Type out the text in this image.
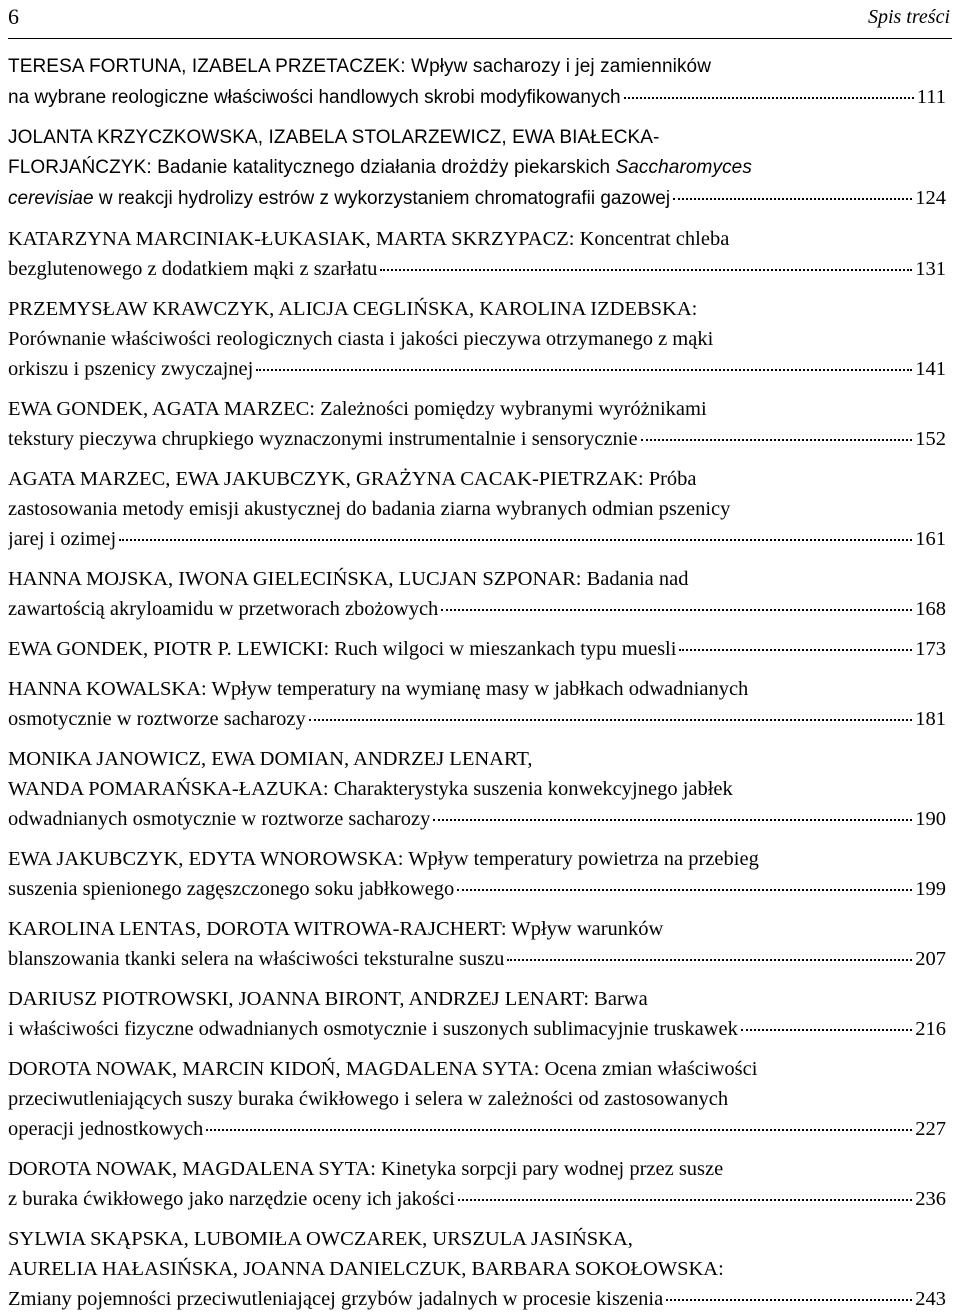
6	Spis treści
TERESA FORTUNA, IZABELA PRZETACZEK: Wpływ sacharozy i jej zamienników
na wybrane reologiczne właściwości handlowych skrobi modyfikowanych	111
JOLANTA KRZYCZKOWSKA, IZABELA STOLARZEWICZ, EWA BIAŁECKA-
FLORJAŃCZYK: Badanie katalitycznego działania drożdży piekarskich Saccharomyces
cerevisiae w reakcji hydrolizy estrów z wykorzystaniem chromatografii gazowej	124
KATARZYNA MARCINIAK-ŁUKASIAK, MARTA SKRZYPACZ: Koncentrat chleba
bezglutenowego z dodatkiem mąki z szarłatu	131
PRZEMYSŁAW KRAWCZYK, ALICJA CEGLIŃSKA, KAROLINA IZDEBSKA:
Porównanie właściwości reologicznych ciasta i jakości pieczywa otrzymanego z mąki
orkiszu i pszenicy zwyczajnej	141
EWA GONDEK, AGATA MARZEC: Zależności pomiędzy wybranymi wyróżnikami
tekstury pieczywa chrupkiego wyznaczonymi instrumentalnie i sensorycznie	152
AGATA MARZEC, EWA JAKUBCZYK, GRAŻYNA CACAK-PIETRZAK: Próba
zastosowania metody emisji akustycznej do badania ziarna wybranych odmian pszenicy
jarej i ozimej	161
HANNA MOJSKA, IWONA GIELECIŃSKA, LUCJAN SZPONAR: Badania nad
zawartością akryloamidu w przetworach zbożowych	168
EWA GONDEK, PIOTR P. LEWICKI: Ruch wilgoci w mieszankach typu muesli	173
HANNA KOWALSKA: Wpływ temperatury na wymianę masy w jabłkach odwadnianych
osmotycznie w roztworze sacharozy	181
MONIKA JANOWICZ, EWA DOMIAN, ANDRZEJ LENART,
WANDA POMARAŃSKA-ŁAZUKA: Charakterystyka suszenia konwekcyjnego jabłek
odwadnianych osmotycznie w roztworze sacharozy	190
EWA JAKUBCZYK, EDYTA WNOROWSKA: Wpływ temperatury powietrza na przebieg
suszenia spienionego zagęszczonego soku jabłkowego	199
KAROLINA LENTAS, DOROTA WITROWA-RAJCHERT: Wpływ warunków
blanszowania tkanki selera na właściwości teksturalne suszu	207
DARIUSZ PIOTROWSKI, JOANNA BIRONT, ANDRZEJ LENART: Barwa
i właściwości fizyczne odwadnianych osmotycznie i suszonych sublimacyjnie truskawek	216
DOROTA NOWAK, MARCIN KIDOŃ, MAGDALENA SYTA: Ocena zmian właściwości
przeciwutleniających suszy buraka ćwikłowego i selera w zależności od zastosowanych
operacji jednostkowych	227
DOROTA NOWAK, MAGDALENA SYTA: Kinetyka sorpcji pary wodnej przez susze
z buraka ćwikłowego jako narzędzie oceny ich jakości	236
SYLWIA SKĄPSKA, LUBOMIŁA OWCZAREK, URSZULA JASIŃSKA,
AURELIA HAŁASIŃSKA, JOANNA DANIELCZUK, BARBARA SOKOŁOWSKA:
Zmiany pojemności przeciwutleniającej grzybów jadalnych w procesie kiszenia	243
